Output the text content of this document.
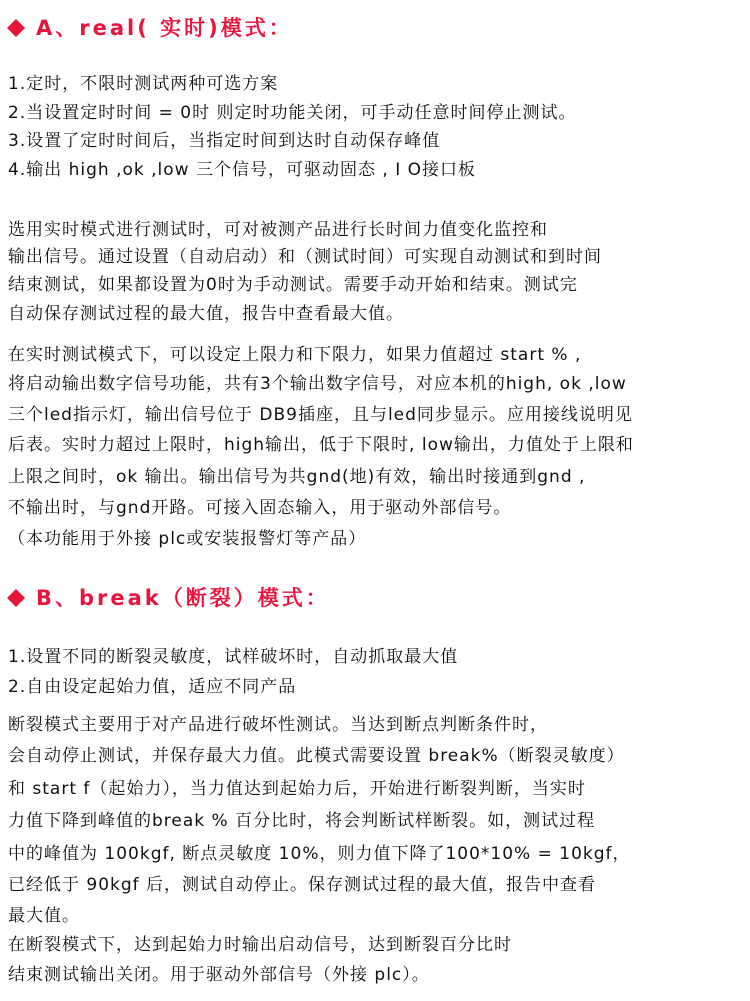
A、real( 实时)模式：
1.定时，不限时测试两种可选方案
2.当设置定时时间 = 0时 则定时功能关闭，可手动任意时间停止测试。
3.设置了定时时间后，当指定时间到达时自动保存峰值
4.输出 high ,ok ,low 三个信号，可驱动固态 , I O接口板
选用实时模式进行测试时，可对被测产品进行长时间力值变化监控和
输出信号。通过设置（自动启动）和（测试时间）可实现自动测试和到时间
结束测试，如果都设置为0时为手动测试。需要手动开始和结束。测试完
自动保存测试过程的最大值，报告中查看最大值。
在实时测试模式下，可以设定上限力和下限力，如果力值超过 start % ,
将启动输出数字信号功能，共有3个输出数字信号，对应本机的high, ok ,low
三个led指示灯，输出信号位于 DB9插座，且与led同步显示。应用接线说明见
后表。实时力超过上限时，high输出，低于下限时, low输出，力值处于上限和
上限之间时，ok 输出。输出信号为共gnd(地)有效，输出时接通到gnd ,
不输出时，与gnd开路。可接入固态输入，用于驱动外部信号。
（本功能用于外接 plc或安装报警灯等产品）
B、break（断裂）模式：
1.设置不同的断裂灵敏度，试样破坏时，自动抓取最大值
2.自由设定起始力值，适应不同产品
断裂模式主要用于对产品进行破坏性测试。当达到断点判断条件时，
会自动停止测试，并保存最大力值。此模式需要设置 break%（断裂灵敏度）
和 start f（起始力），当力值达到起始力后，开始进行断裂判断，当实时
力值下降到峰值的break % 百分比时，将会判断试样断裂。如，测试过程
中的峰值为 100kgf, 断点灵敏度 10%，则力值下降了100*10% = 10kgf，
已经低于 90kgf 后，测试自动停止。保存测试过程的最大值，报告中查看
最大值。
在断裂模式下，达到起始力时输出启动信号，达到断裂百分比时
结束测试输出关闭。用于驱动外部信号（外接 plc）。
